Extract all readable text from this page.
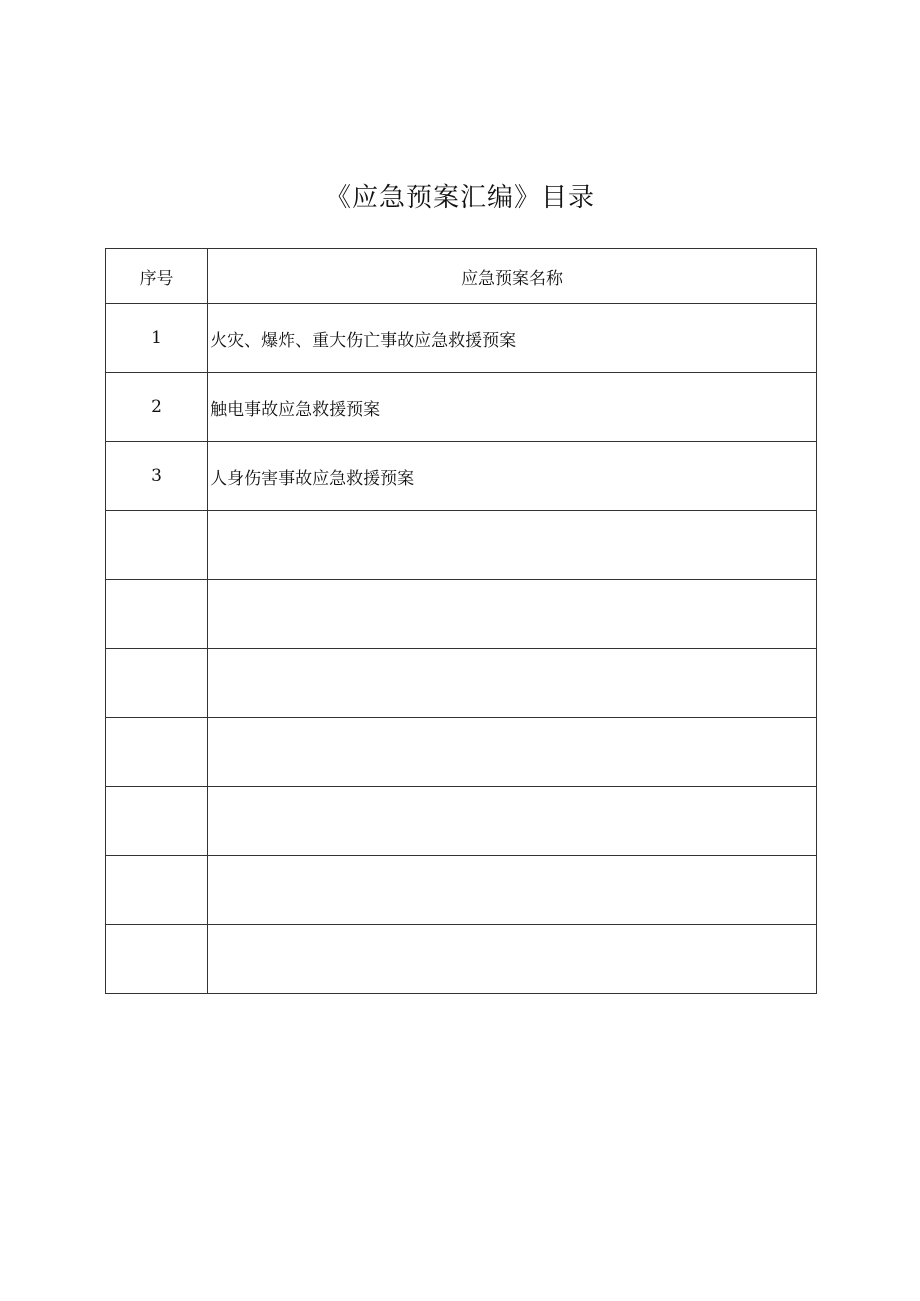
《应急预案汇编》目录
序号	应急预案名称
1	火灾、爆炸、重大伤亡事故应急救援预案
2	触电事故应急救援预案
3	人身伤害事故应急救援预案
